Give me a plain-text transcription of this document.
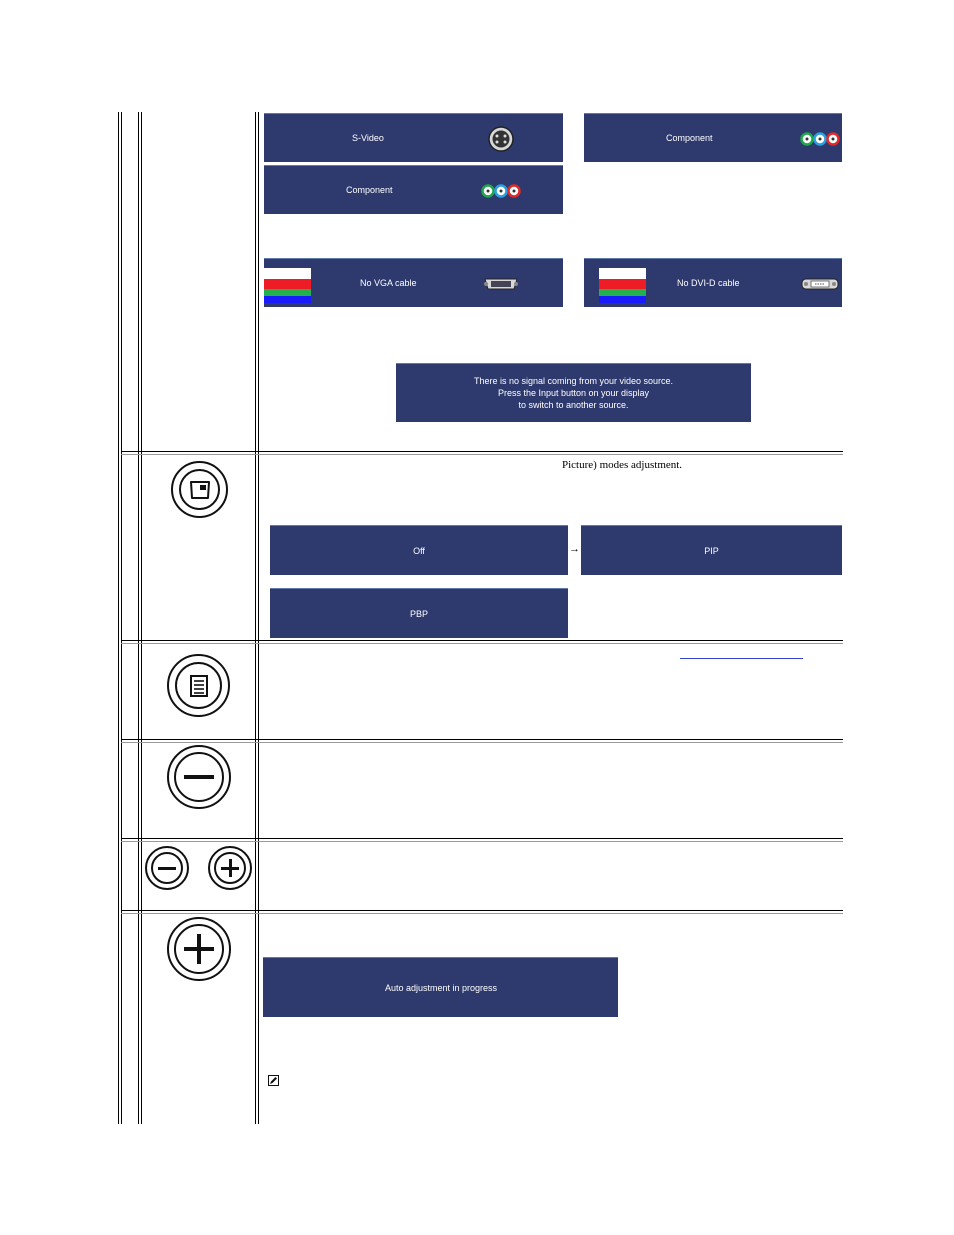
S-Video	Component
Component
No VGA cable	No DVI-D cable
There is no signal coming from your video source.
Press the Input button on your display
to switch to another source.
Picture) modes adjustment.
Off	→	PIP
PBP
Auto adjustment in progress
